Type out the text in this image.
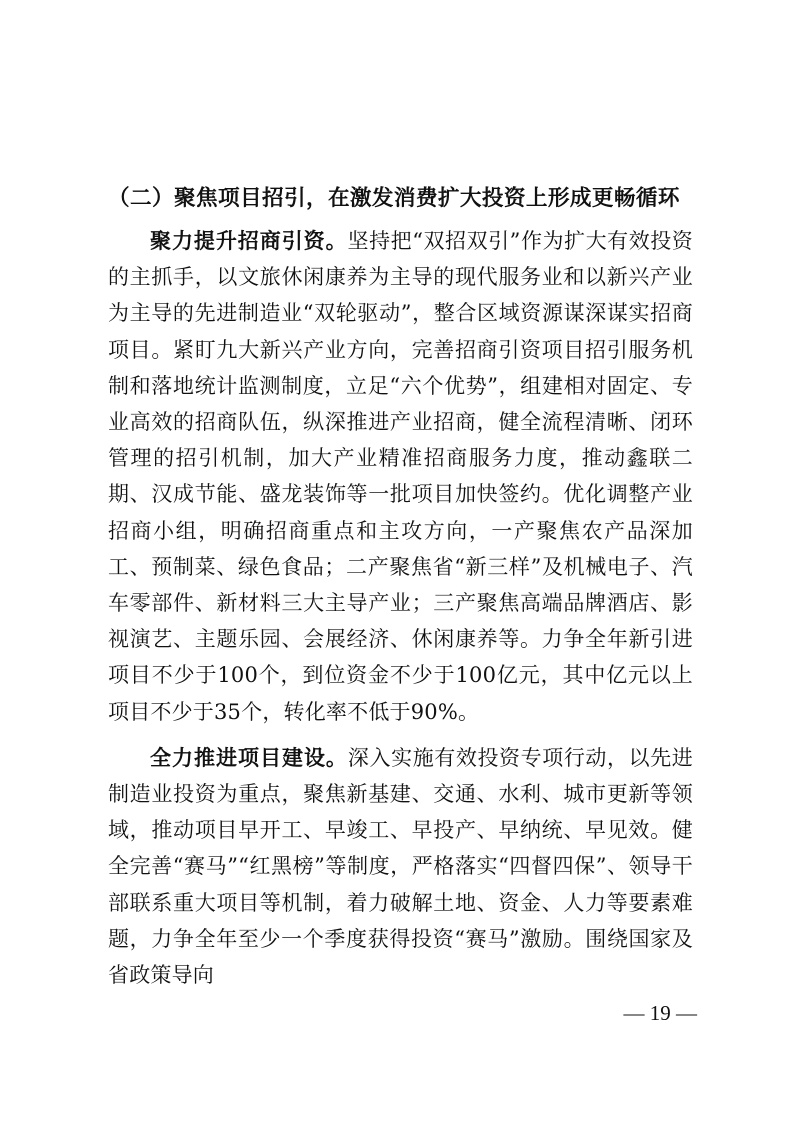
（二）聚焦项目招引，在激发消费扩大投资上形成更畅循环

聚力提升招商引资。坚持把“双招双引”作为扩大有效投资的主抓手，以文旅休闲康养为主导的现代服务业和以新兴产业为主导的先进制造业“双轮驱动”，整合区域资源谋深谋实招商项目。紧盯九大新兴产业方向，完善招商引资项目招引服务机制和落地统计监测制度，立足“六个优势”，组建相对固定、专业高效的招商队伍，纵深推进产业招商，健全流程清晰、闭环管理的招引机制，加大产业精准招商服务力度，推动鑫联二期、汉成节能、盛龙装饰等一批项目加快签约。优化调整产业招商小组，明确招商重点和主攻方向，一产聚焦农产品深加工、预制菜、绿色食品；二产聚焦省“新三样”及机械电子、汽车零部件、新材料三大主导产业；三产聚焦高端品牌酒店、影视演艺、主题乐园、会展经济、休闲康养等。力争全年新引进项目不少于100个，到位资金不少于100亿元，其中亿元以上项目不少于35个，转化率不低于90%。

全力推进项目建设。深入实施有效投资专项行动，以先进制造业投资为重点，聚焦新基建、交通、水利、城市更新等领域，推动项目早开工、早竣工、早投产、早纳统、早见效。健全完善“赛马”“红黑榜”等制度，严格落实“四督四保”、领导干部联系重大项目等机制，着力破解土地、资金、人力等要素难题，力争全年至少一个季度获得投资“赛马”激励。围绕国家及省政策导向

— 19 —
